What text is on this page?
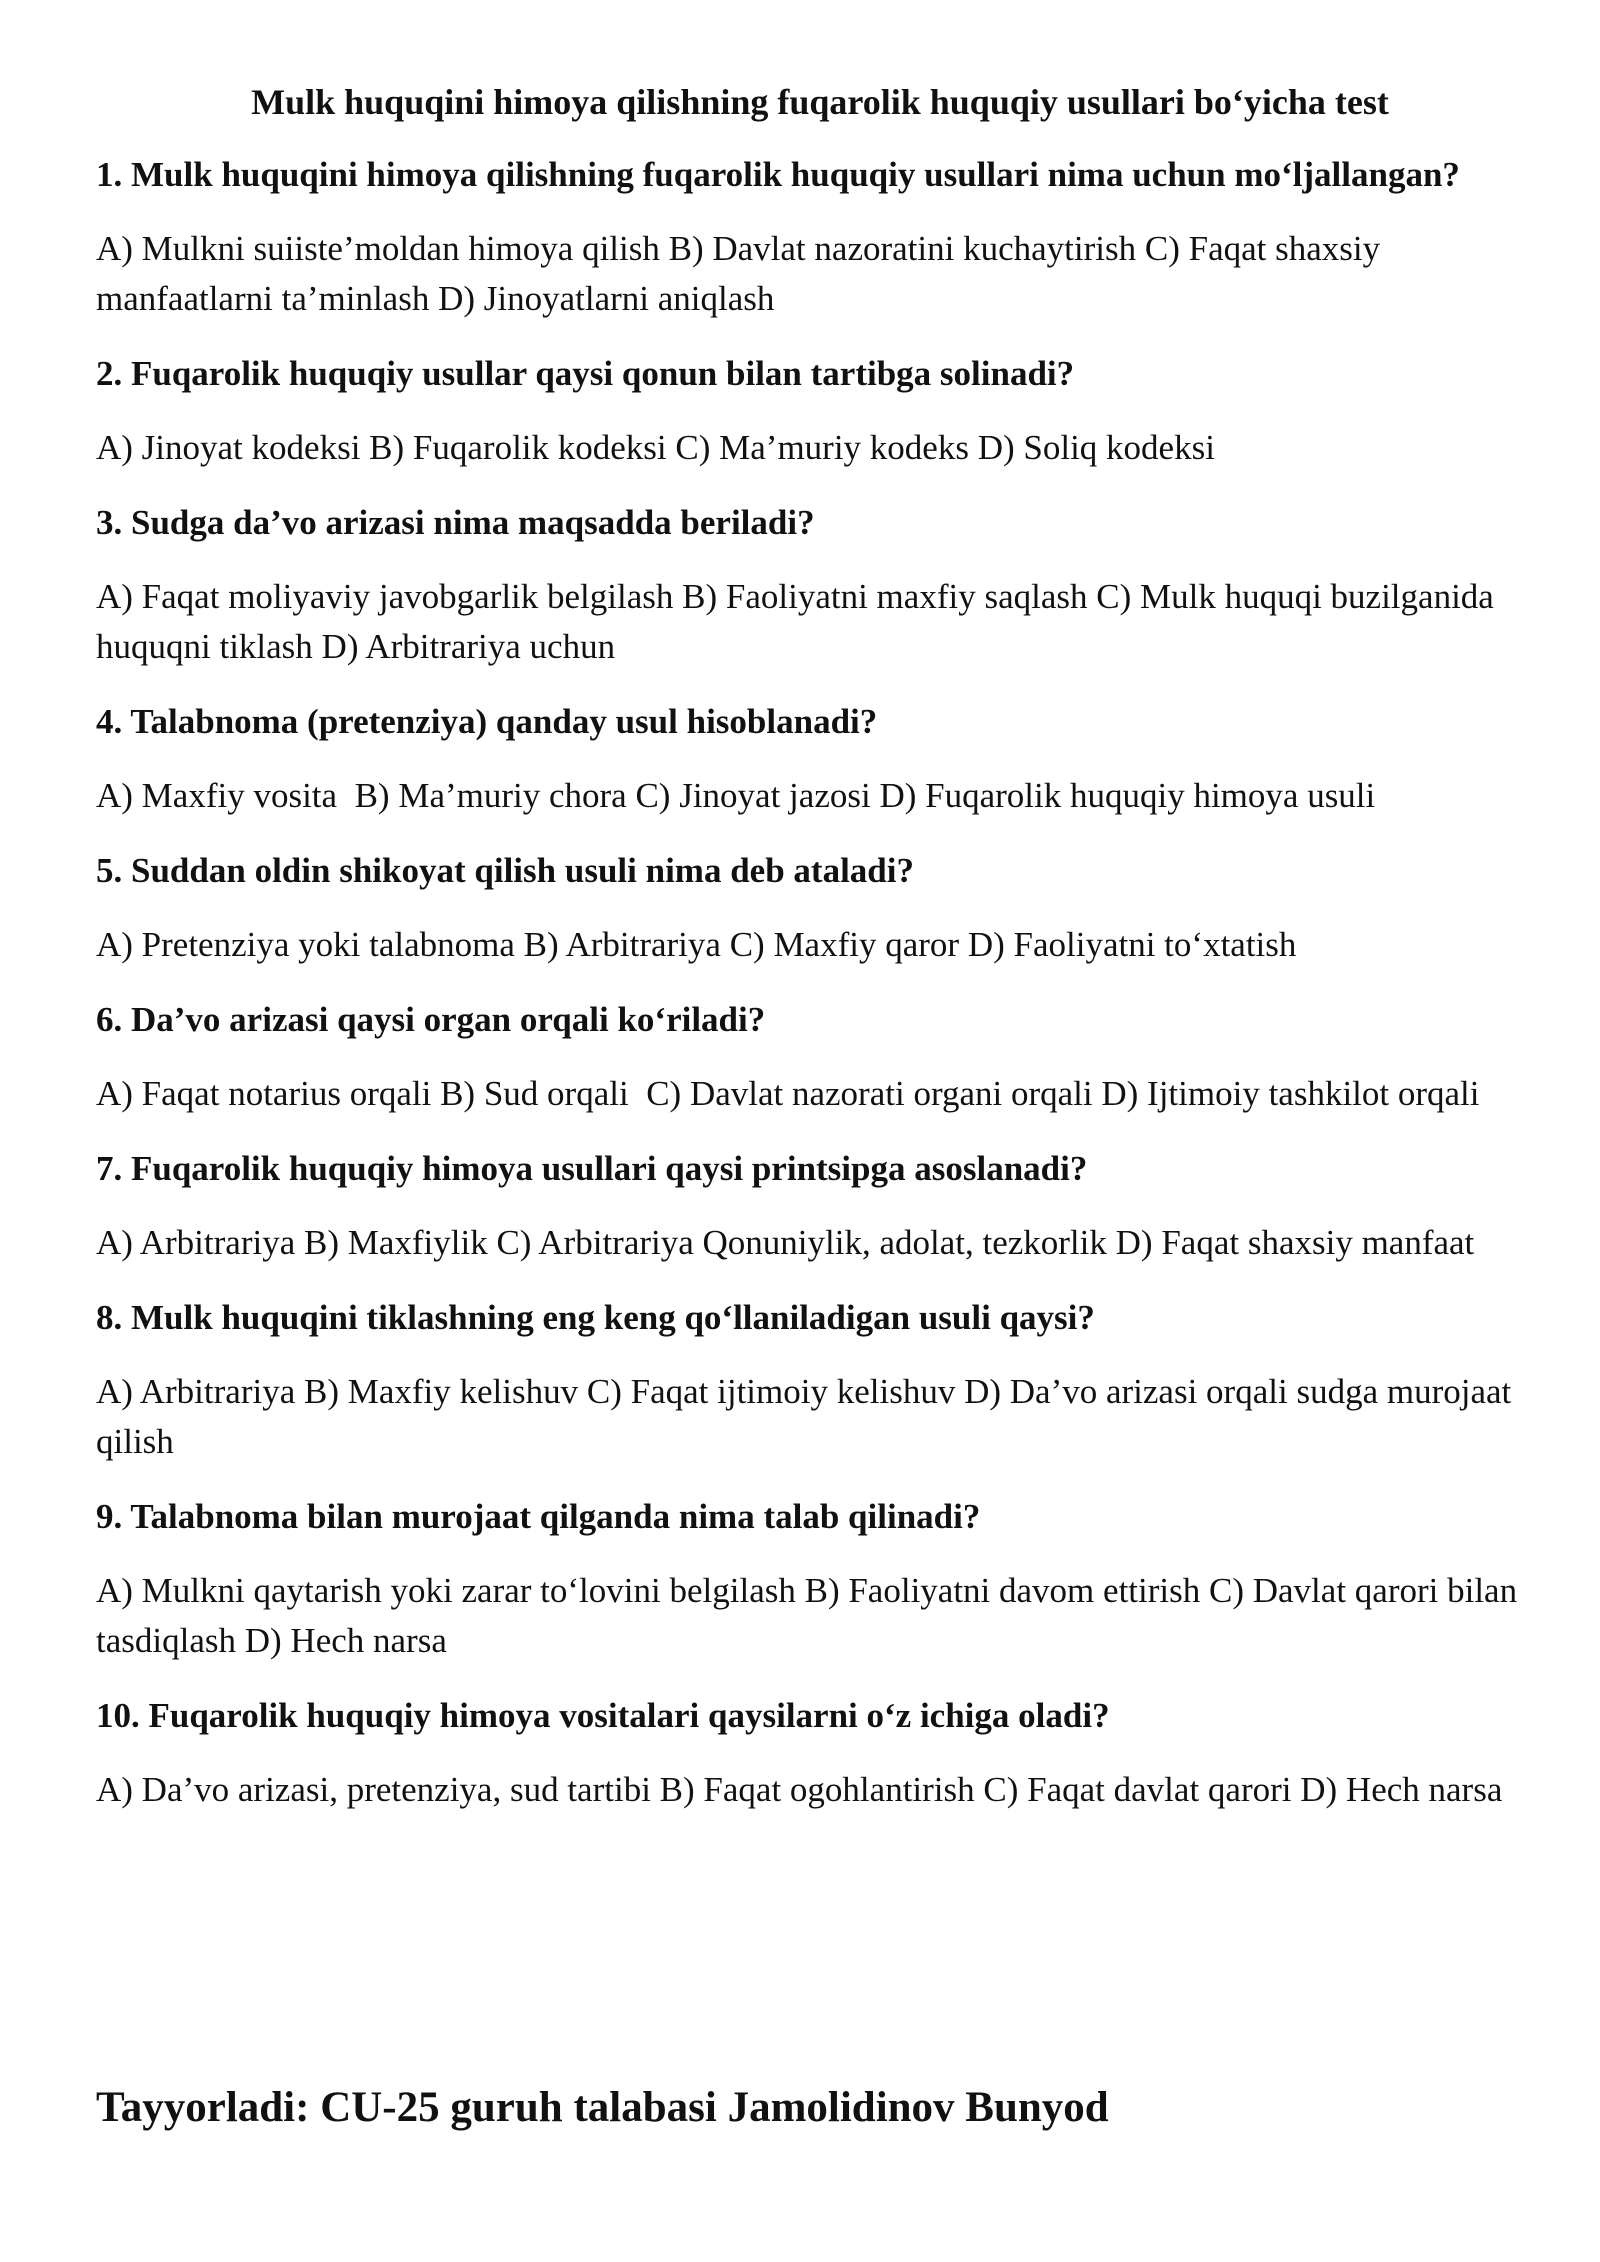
Mulk huquqini himoya qilishning fuqarolik huquqiy usullari bo‘yicha test

1. Mulk huquqini himoya qilishning fuqarolik huquqiy usullari nima uchun mo‘ljallangan?

A) Mulkni suiiste’moldan himoya qilish B) Davlat nazoratini kuchaytirish C) Faqat shaxsiy manfaatlarni ta’minlash D) Jinoyatlarni aniqlash

2. Fuqarolik huquqiy usullar qaysi qonun bilan tartibga solinadi?

A) Jinoyat kodeksi B) Fuqarolik kodeksi C) Ma’muriy kodeks D) Soliq kodeksi

3. Sudga da’vo arizasi nima maqsadda beriladi?

A) Faqat moliyaviy javobgarlik belgilash B) Faoliyatni maxfiy saqlash C) Mulk huquqi buzilganida huquqni tiklash D) Arbitrariya uchun

4. Talabnoma (pretenziya) qanday usul hisoblanadi?

A) Maxfiy vosita  B) Ma’muriy chora C) Jinoyat jazosi D) Fuqarolik huquqiy himoya usuli

5. Suddan oldin shikoyat qilish usuli nima deb ataladi?

A) Pretenziya yoki talabnoma B) Arbitrariya C) Maxfiy qaror D) Faoliyatni to‘xtatish

6. Da’vo arizasi qaysi organ orqali ko‘riladi?

A) Faqat notarius orqali B) Sud orqali  C) Davlat nazorati organi orqali D) Ijtimoiy tashkilot orqali

7. Fuqarolik huquqiy himoya usullari qaysi printsipga asoslanadi?

A) Arbitrariya B) Maxfiylik C) Arbitrariya Qonuniylik, adolat, tezkorlik D) Faqat shaxsiy manfaat

8. Mulk huquqini tiklashning eng keng qo‘llaniladigan usuli qaysi?

A) Arbitrariya B) Maxfiy kelishuv C) Faqat ijtimoiy kelishuv D) Da’vo arizasi orqali sudga murojaat qilish

9. Talabnoma bilan murojaat qilganda nima talab qilinadi?

A) Mulkni qaytarish yoki zarar to‘lovini belgilash B) Faoliyatni davom ettirish C) Davlat qarori bilan tasdiqlash D) Hech narsa

10. Fuqarolik huquqiy himoya vositalari qaysilarni o‘z ichiga oladi?

A) Da’vo arizasi, pretenziya, sud tartibi B) Faqat ogohlantirish C) Faqat davlat qarori D) Hech narsa

Tayyorladi: CU-25 guruh talabasi Jamolidinov Bunyod
